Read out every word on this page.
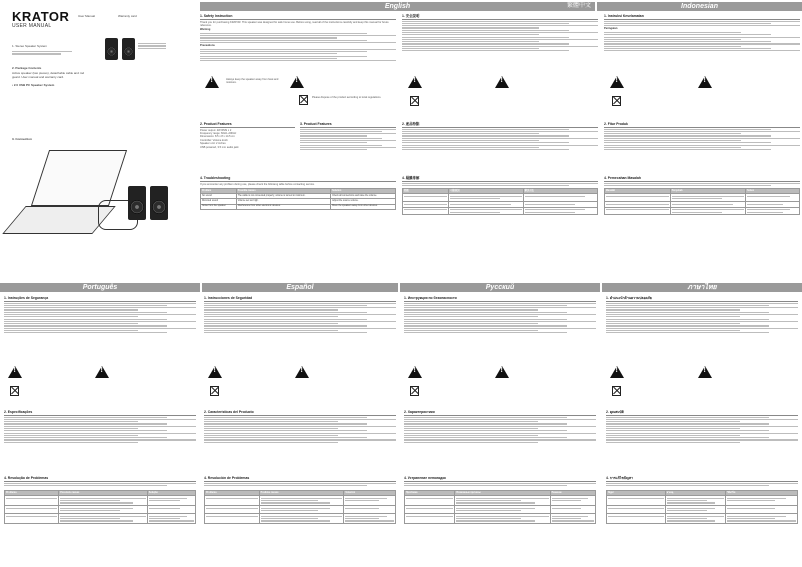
KRATOR
USER MANUAL
User Manual	Warranty card
1. Stereo Speaker System
2. Package Contents
Active speaker (two pieces), detachable cable and rod guard. User manual and warranty card.
• 2.0 USB PC Speaker System
3. Connection
English	Indonesian
繁體中文
1. Safety Instruction
Thank you for purchasing KRATOR. This speaker was designed for safe home use. Before using, read all of the instructions carefully and keep this manual for future reference.
Warning
Precautions
!
Always keep the speaker away from heat and moisture.
!
Please dispose of the product according to local regulations.
2. Product Features
Power output: 2W RMS x 2
Frequency range: 60Hz–20KHz
Dimensions: 8.5 x 8 x 14.5 cm
Controller: Volume knob
Speaker unit: 2 inches
USB powered, 3.5 mm audio jack
3. Product Features
4. Troubleshooting
If you encounter any problem during use, please check the following table before contacting service.
Problem	Possible causes	Solution
No sound	The cable is not connected properly; volume is turned to minimum.	Check all connections and raise the volume.
Distorted sound	Volume set too high.	Adjust the source volume.
Noise from the speaker	Interference from other electronic devices.	Move the speakers away from other devices.
1. 安全說明
!
!
2. 產品特點
4. 疑難排解
問題	可能原因	解決方法

1. Instruksi Keselamatan
Peringatan
!
!
2. Fitur Produk
4. Pemecahan Masalah
Masalah	Penyebab	Solusi

Português	Español	Русский	ภาษาไทย
1. Instruções de Segurança
!
!
2. Especificações
4. Resolução de Problemas
Problema	Possíveis causas	Solução

1. Instrucciones de Seguridad
!
!
2. Características del Producto
4. Resolución de Problemas
Problema	Posibles causas	Solución

1. Инструкция по безопасности
!
!
2. Характеристики
4. Устранение неполадок
Проблема	Возможные причины	Решение

1. คำแนะนำด้านความปลอดภัย
!
!
2. คุณสมบัติ
4. การแก้ไขปัญหา
ปัญหา	สาเหตุ	วิธีแก้ไข
